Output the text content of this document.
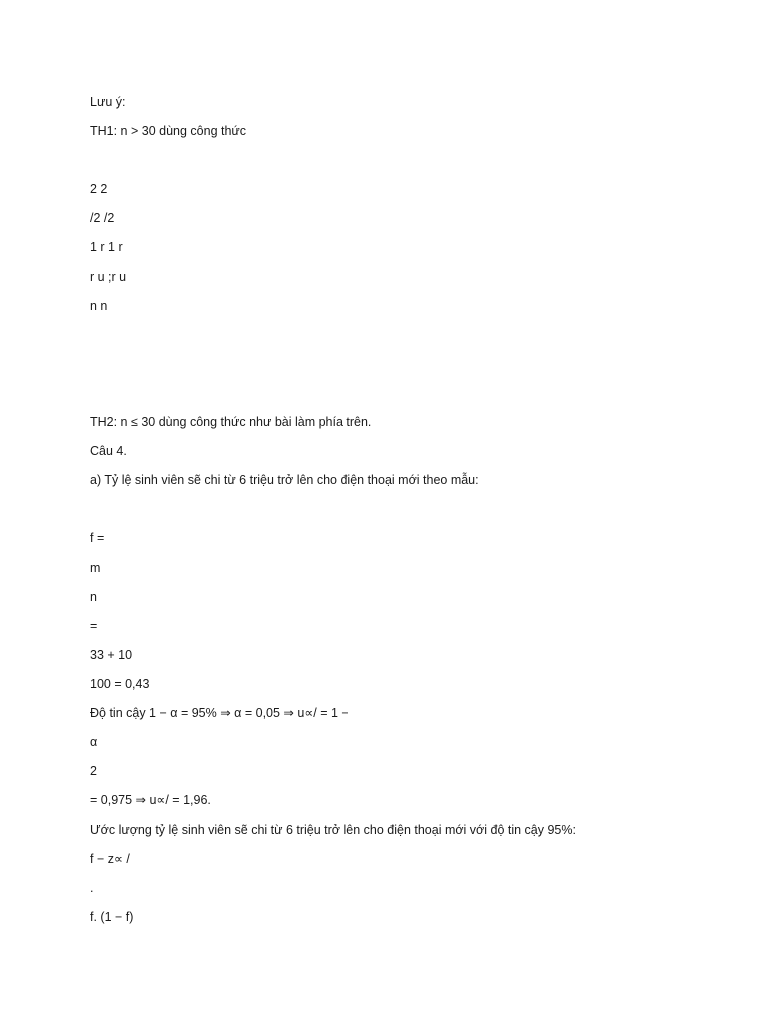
Lưu ý:
TH1: n > 30 dùng công thức
2 2
/2 /2
1 r 1 r
r u ;r u
n n
TH2: n ≤ 30 dùng công thức như bài làm phía trên.
Câu 4.
a) Tỷ lệ sinh viên sẽ chi từ 6 triệu trở lên cho điện thoại mới theo mẫu:
f =
m
n
=
33 + 10
100 = 0,43
Độ tin cậy 1 − α = 95% ⇒ α = 0,05 ⇒ u∝/ = 1 −
α
2
= 0,975 ⇒ u∝/ = 1,96.
Ước lượng tỷ lệ sinh viên sẽ chi từ 6 triệu trở lên cho điện thoại mới với độ tin cậy 95%:
f − z∝ /
.
f. (1 − f)
